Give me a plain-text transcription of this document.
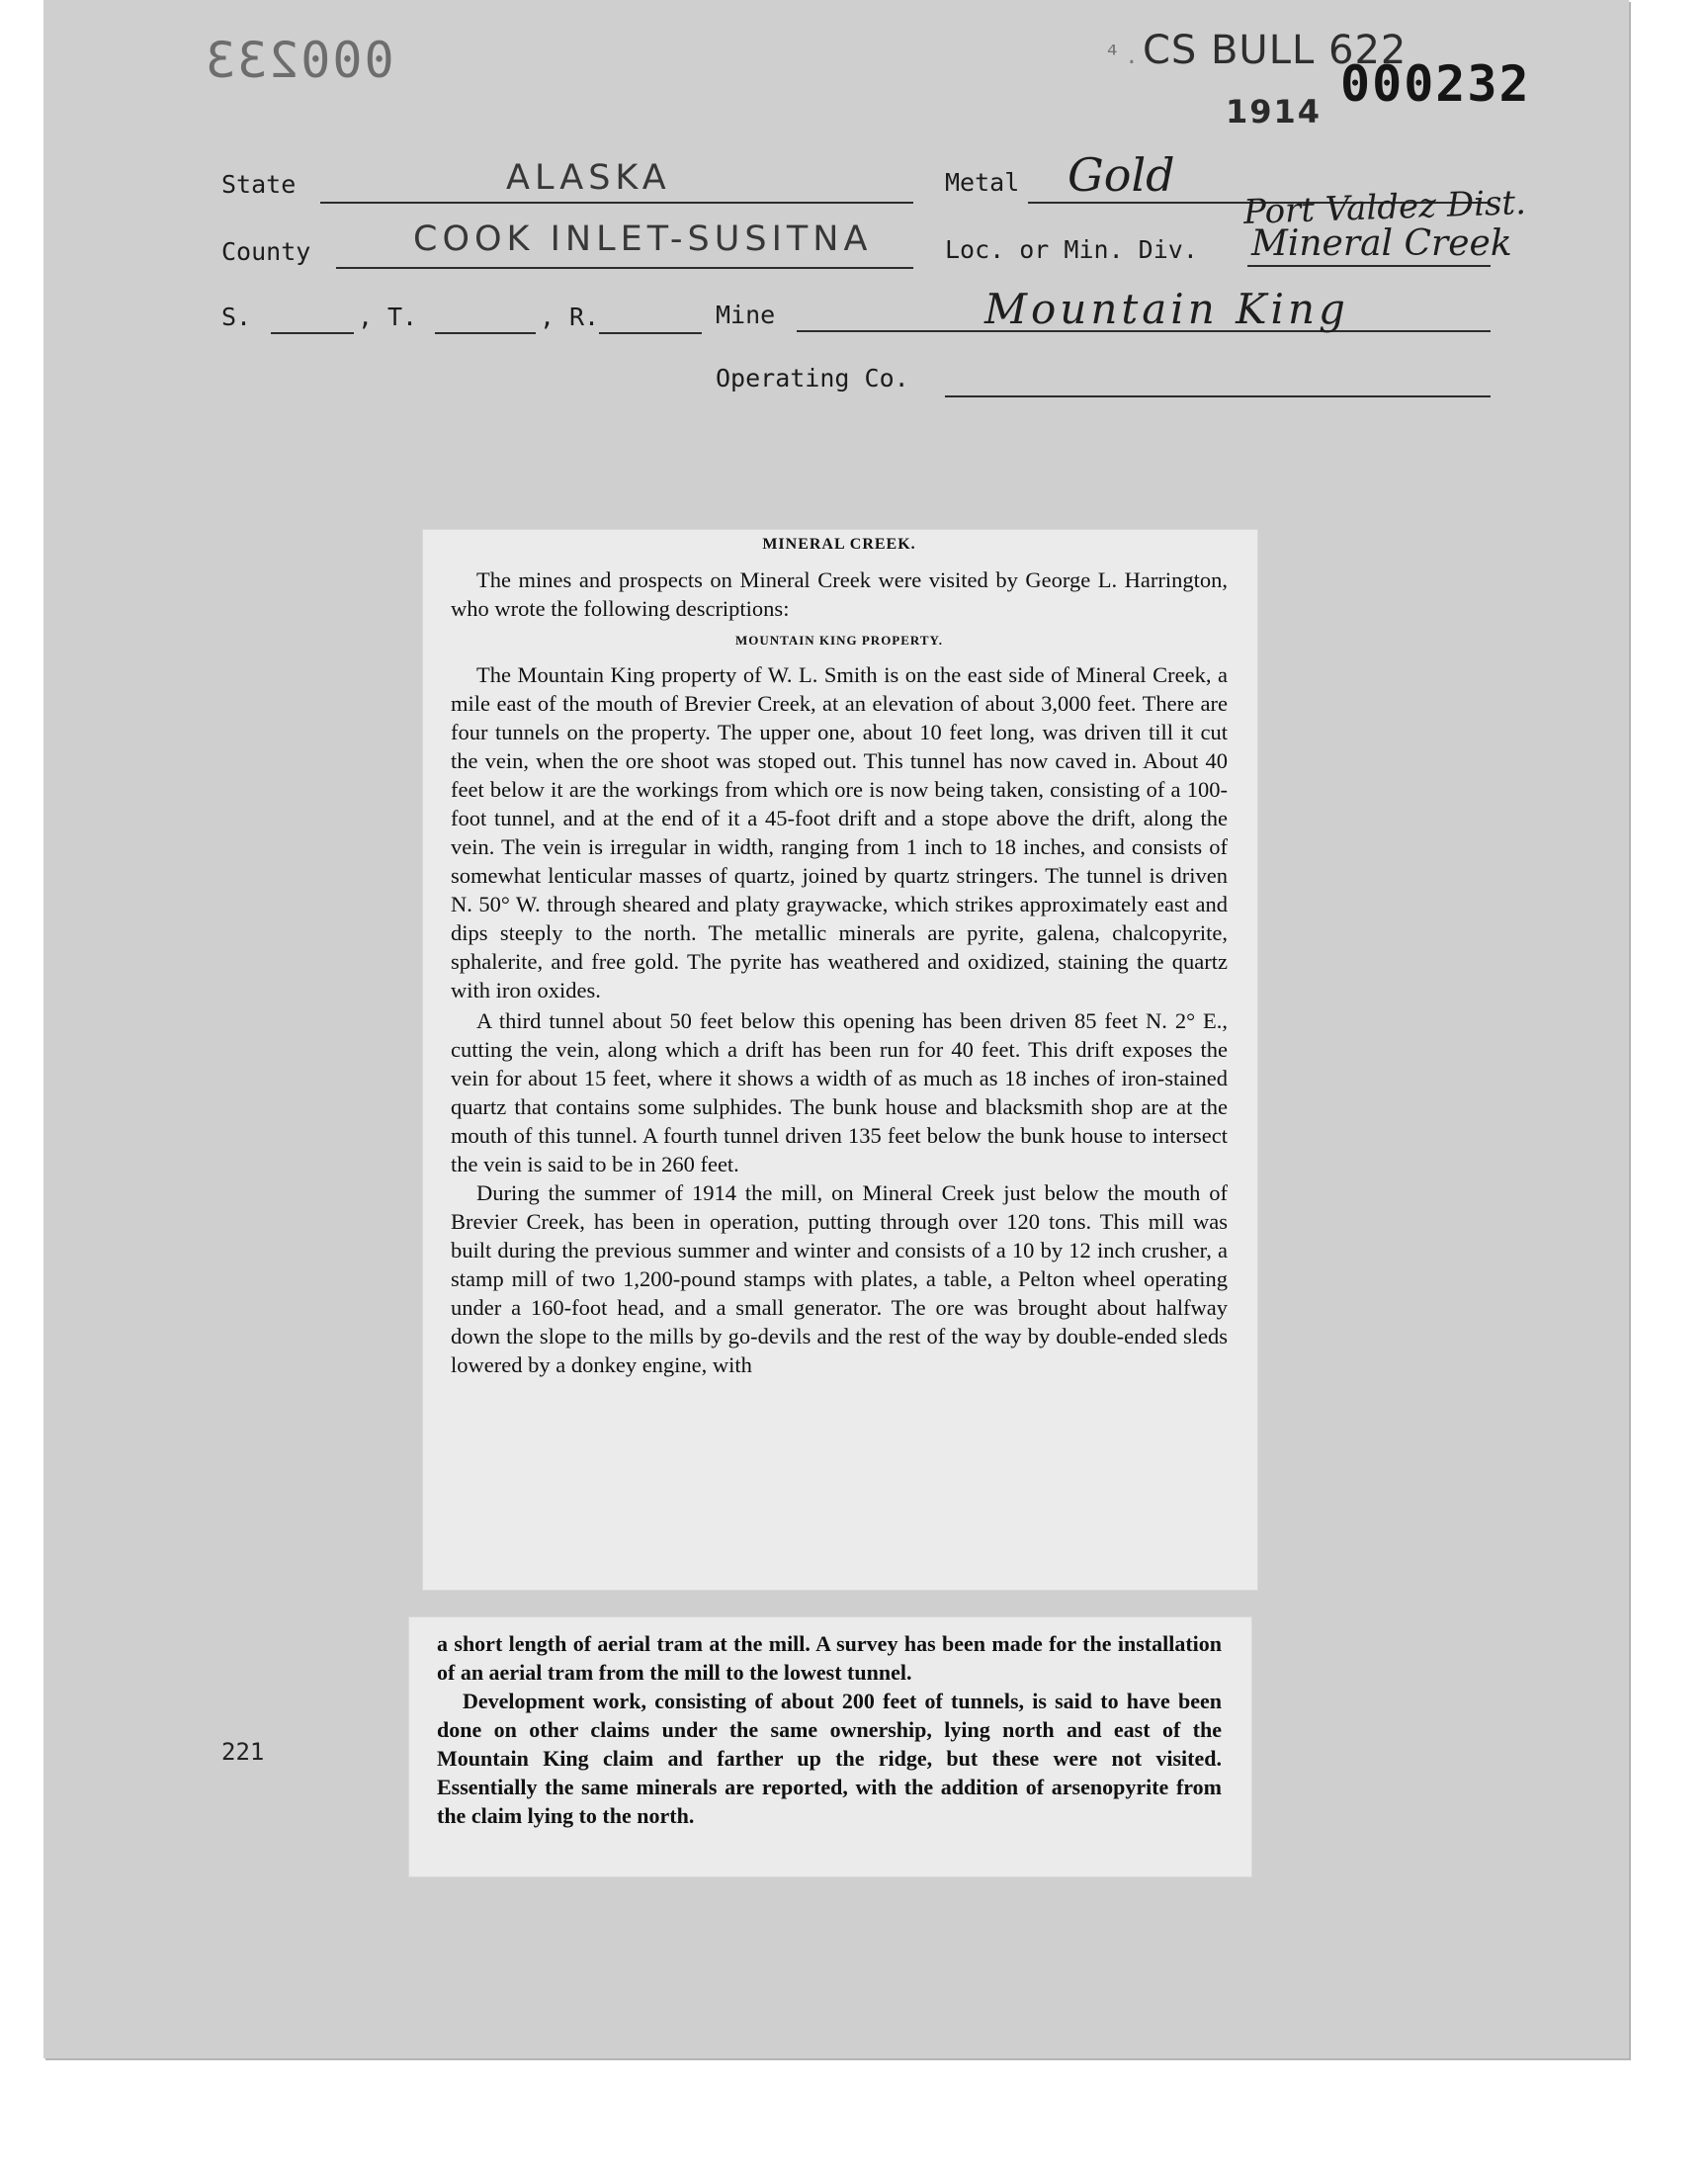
000233	⁴ . CS BULL 622
000232
1914
State	ALASKA
County	COOK INLET-SUSITNA
S.	, T.	, R.
Metal Gold
Port Valdez Dist.
Loc. or Min. Div. Mineral Creek
Mine	Mountain King
Operating Co.
MINERAL CREEK.

The mines and prospects on Mineral Creek were visited by George L. Harrington, who wrote the following descriptions:

MOUNTAIN KING PROPERTY.

The Mountain King property of W. L. Smith is on the east side of Mineral Creek, a mile east of the mouth of Brevier Creek, at an elevation of about 3,000 feet. There are four tunnels on the property. The upper one, about 10 feet long, was driven till it cut the vein, when the ore shoot was stoped out. This tunnel has now caved in. About 40 feet below it are the workings from which ore is now being taken, consisting of a 100-foot tunnel, and at the end of it a 45-foot drift and a stope above the drift, along the vein. The vein is irregular in width, ranging from 1 inch to 18 inches, and consists of somewhat lenticular masses of quartz, joined by quartz stringers. The tunnel is driven N. 50° W. through sheared and platy graywacke, which strikes approximately east and dips steeply to the north. The metallic minerals are pyrite, galena, chalcopyrite, sphalerite, and free gold. The pyrite has weathered and oxidized, staining the quartz with iron oxides.

A third tunnel about 50 feet below this opening has been driven 85 feet N. 2° E., cutting the vein, along which a drift has been run for 40 feet. This drift exposes the vein for about 15 feet, where it shows a width of as much as 18 inches of iron-stained quartz that contains some sulphides. The bunk house and blacksmith shop are at the mouth of this tunnel. A fourth tunnel driven 135 feet below the bunk house to intersect the vein is said to be in 260 feet.

During the summer of 1914 the mill, on Mineral Creek just below the mouth of Brevier Creek, has been in operation, putting through over 120 tons. This mill was built during the previous summer and winter and consists of a 10 by 12 inch crusher, a stamp mill of two 1,200-pound stamps with plates, a table, a Pelton wheel operating under a 160-foot head, and a small generator. The ore was brought about halfway down the slope to the mills by go-devils and the rest of the way by double-ended sleds lowered by a donkey engine, with

a short length of aerial tram at the mill. A survey has been made for the installation of an aerial tram from the mill to the lowest tunnel.

Development work, consisting of about 200 feet of tunnels, is said to have been done on other claims under the same ownership, lying north and east of the Mountain King claim and farther up the ridge, but these were not visited. Essentially the same minerals are reported, with the addition of arsenopyrite from the claim lying to the north.

221
